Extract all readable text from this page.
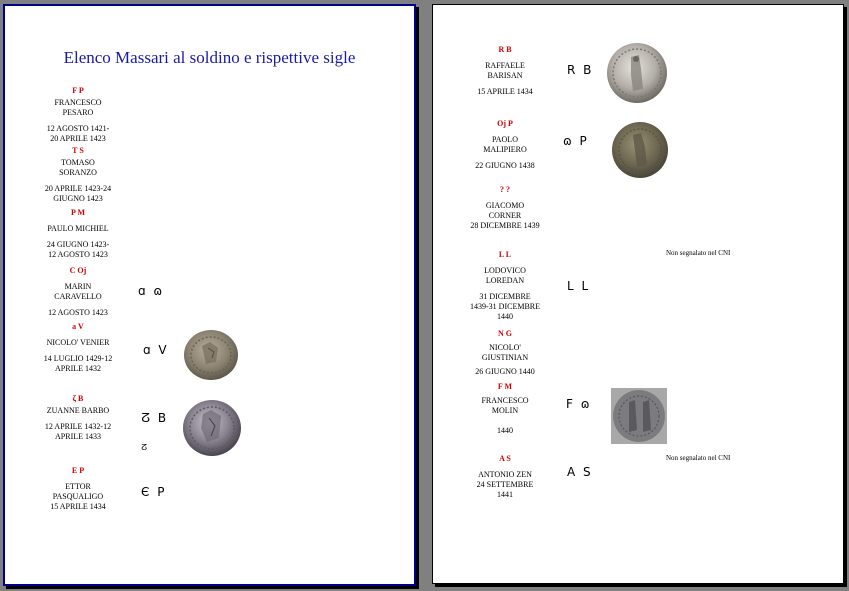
Elenco Massari al soldino e rispettive sigle
F P
FRANCESCO PESARO
12 AGOSTO 1421-20 APRILE 1423
T S
TOMASO SORANZO
20 APRILE 1423-24 GIUGNO 1423
P M
PAULO MICHIEL
24 GIUGNO 1423-12 AGOSTO 1423
C Oj
MARIN CARAVELLO
12 AGOSTO 1423
ɑ ɷ
a V
NICOLO' VENIER
14 LUGLIO 1429-12 APRILE 1432
ɑ V
ζ B
ZUANNE BARBO
12 APRILE 1432-12 APRILE 1433
ⵒ B
ⵒ
E P
ETTOR PASQUALIGO
15 APRILE 1434
Є P
R B
RAFFAELE BARISAN
15 APRILE 1434
R B
Oj P
PAOLO MALIPIERO
22 GIUGNO 1438
ɷ P
? ?
GIACOMO CORNER
28 DICEMBRE 1439
Non segnalato nel CNI
L L
LODOVICO LOREDAN
31 DICEMBRE 1439-31 DICEMBRE 1440
L L
N G
NICOLO' GIUSTINIAN
26 GIUGNO 1440
F M
FRANCESCO MOLIN
1440
F ɷ
A S
ANTONIO ZEN
24 SETTEMBRE 1441
A S
Non segnalato nel CNI
